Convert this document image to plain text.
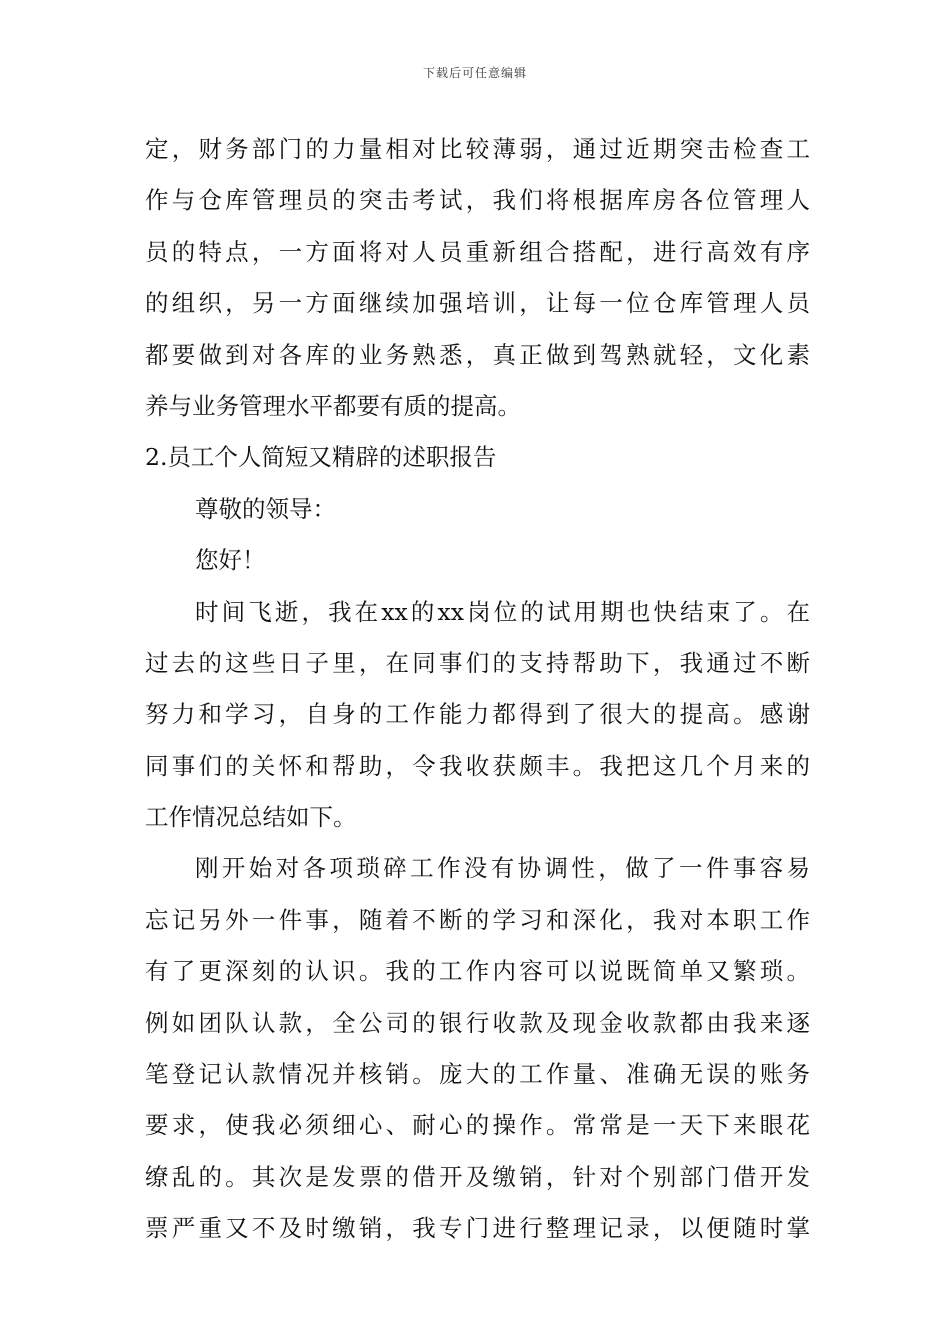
下载后可任意编辑
定，财务部门的力量相对比较薄弱，通过近期突击检查工
作与仓库管理员的突击考试，我们将根据库房各位管理人
员的特点，一方面将对人员重新组合搭配，进行高效有序
的组织，另一方面继续加强培训，让每一位仓库管理人员
都要做到对各库的业务熟悉，真正做到驾熟就轻，文化素
养与业务管理水平都要有质的提高。
2.员工个人简短又精辟的述职报告
尊敬的领导：
您好！
时间飞逝，我在xx的xx岗位的试用期也快结束了。在
过去的这些日子里，在同事们的支持帮助下，我通过不断
努力和学习，自身的工作能力都得到了很大的提高。感谢
同事们的关怀和帮助，令我收获颇丰。我把这几个月来的
工作情况总结如下。
刚开始对各项琐碎工作没有协调性，做了一件事容易
忘记另外一件事，随着不断的学习和深化，我对本职工作
有了更深刻的认识。我的工作内容可以说既简单又繁琐。
例如团队认款，全公司的银行收款及现金收款都由我来逐
笔登记认款情况并核销。庞大的工作量、准确无误的账务
要求，使我必须细心、耐心的操作。常常是一天下来眼花
缭乱的。其次是发票的借开及缴销，针对个别部门借开发
票严重又不及时缴销，我专门进行整理记录，以便随时掌
